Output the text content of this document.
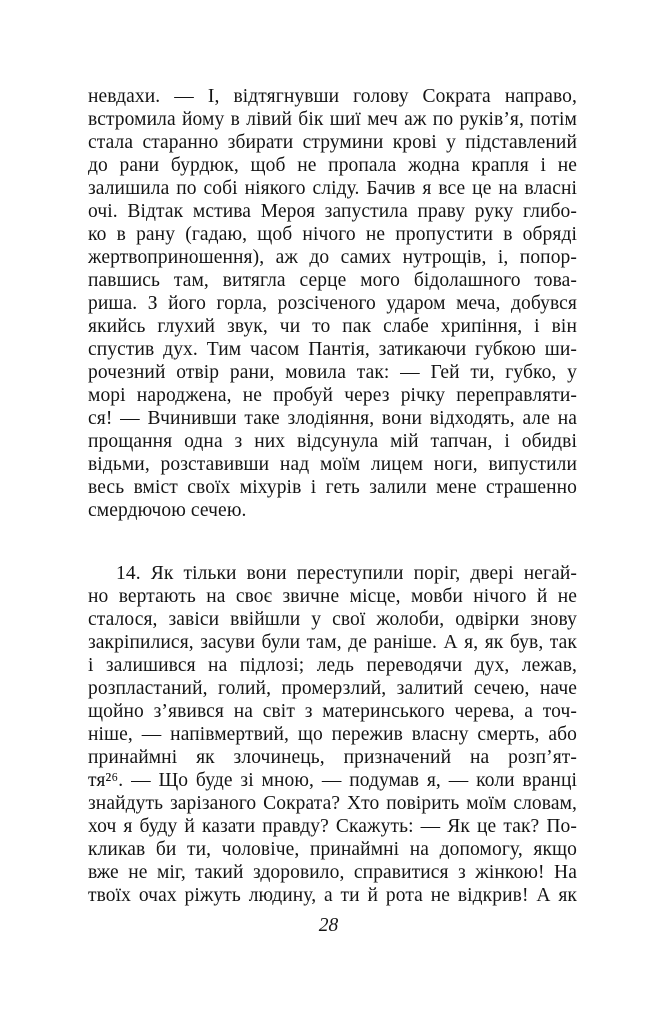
невдахи. — І, відтягнувши голову Сократа направо,
встромила йому в лівий бік шиї меч аж по руків’я, потім
стала старанно збирати струмини крові у підставлений
до рани бурдюк, щоб не пропала жодна крапля і не
залишила по собі ніякого сліду. Бачив я все це на власні
очі. Відтак мстива Мероя запустила праву руку глибо-
ко в рану (гадаю, щоб нічого не пропустити в обряді
жертвоприношення), аж до самих нутрощів, і, попор-
павшись там, витягла серце мого бідолашного това-
риша. З його горла, розсіченого ударом меча, добувся
якийсь глухий звук, чи то пак слабе хрипіння, і він
спустив дух. Тим часом Пантія, затикаючи губкою ши-
рочезний отвір рани, мовила так: — Гей ти, губко, у
морі народжена, не пробуй через річку переправляти-
ся! — Вчинивши таке злодіяння, вони відходять, але на
прощання одна з них відсунула мій тапчан, і обидві
відьми, розставивши над моїм лицем ноги, випустили
весь вміст своїх міхурів і геть залили мене страшенно
смердючою сечею.
14. Як тільки вони переступили поріг, двері негай-
но вертають на своє звичне місце, мовби нічого й не
сталося, завіси ввійшли у свої жолоби, одвірки знову
закріпилися, засуви були там, де раніше. А я, як був, так
і залишився на підлозі; ледь переводячи дух, лежав,
розпластаний, голий, промерзлий, залитий сечею, наче
щойно з’явився на світ з материнського черева, а точ-
ніше, — напівмертвий, що пережив власну смерть, або
принаймні як злочинець, призначений на розп’ят-
тя²⁶. — Що буде зі мною, — подумав я, — коли вранці
знайдуть зарізаного Сократа? Хто повірить моїм словам,
хоч я буду й казати правду? Скажуть: — Як це так? По-
кликав би ти, чоловіче, принаймні на допомогу, якщо
вже не міг, такий здоровило, справитися з жінкою! На
твоїх очах ріжуть людину, а ти й рота не відкрив! А як
28
